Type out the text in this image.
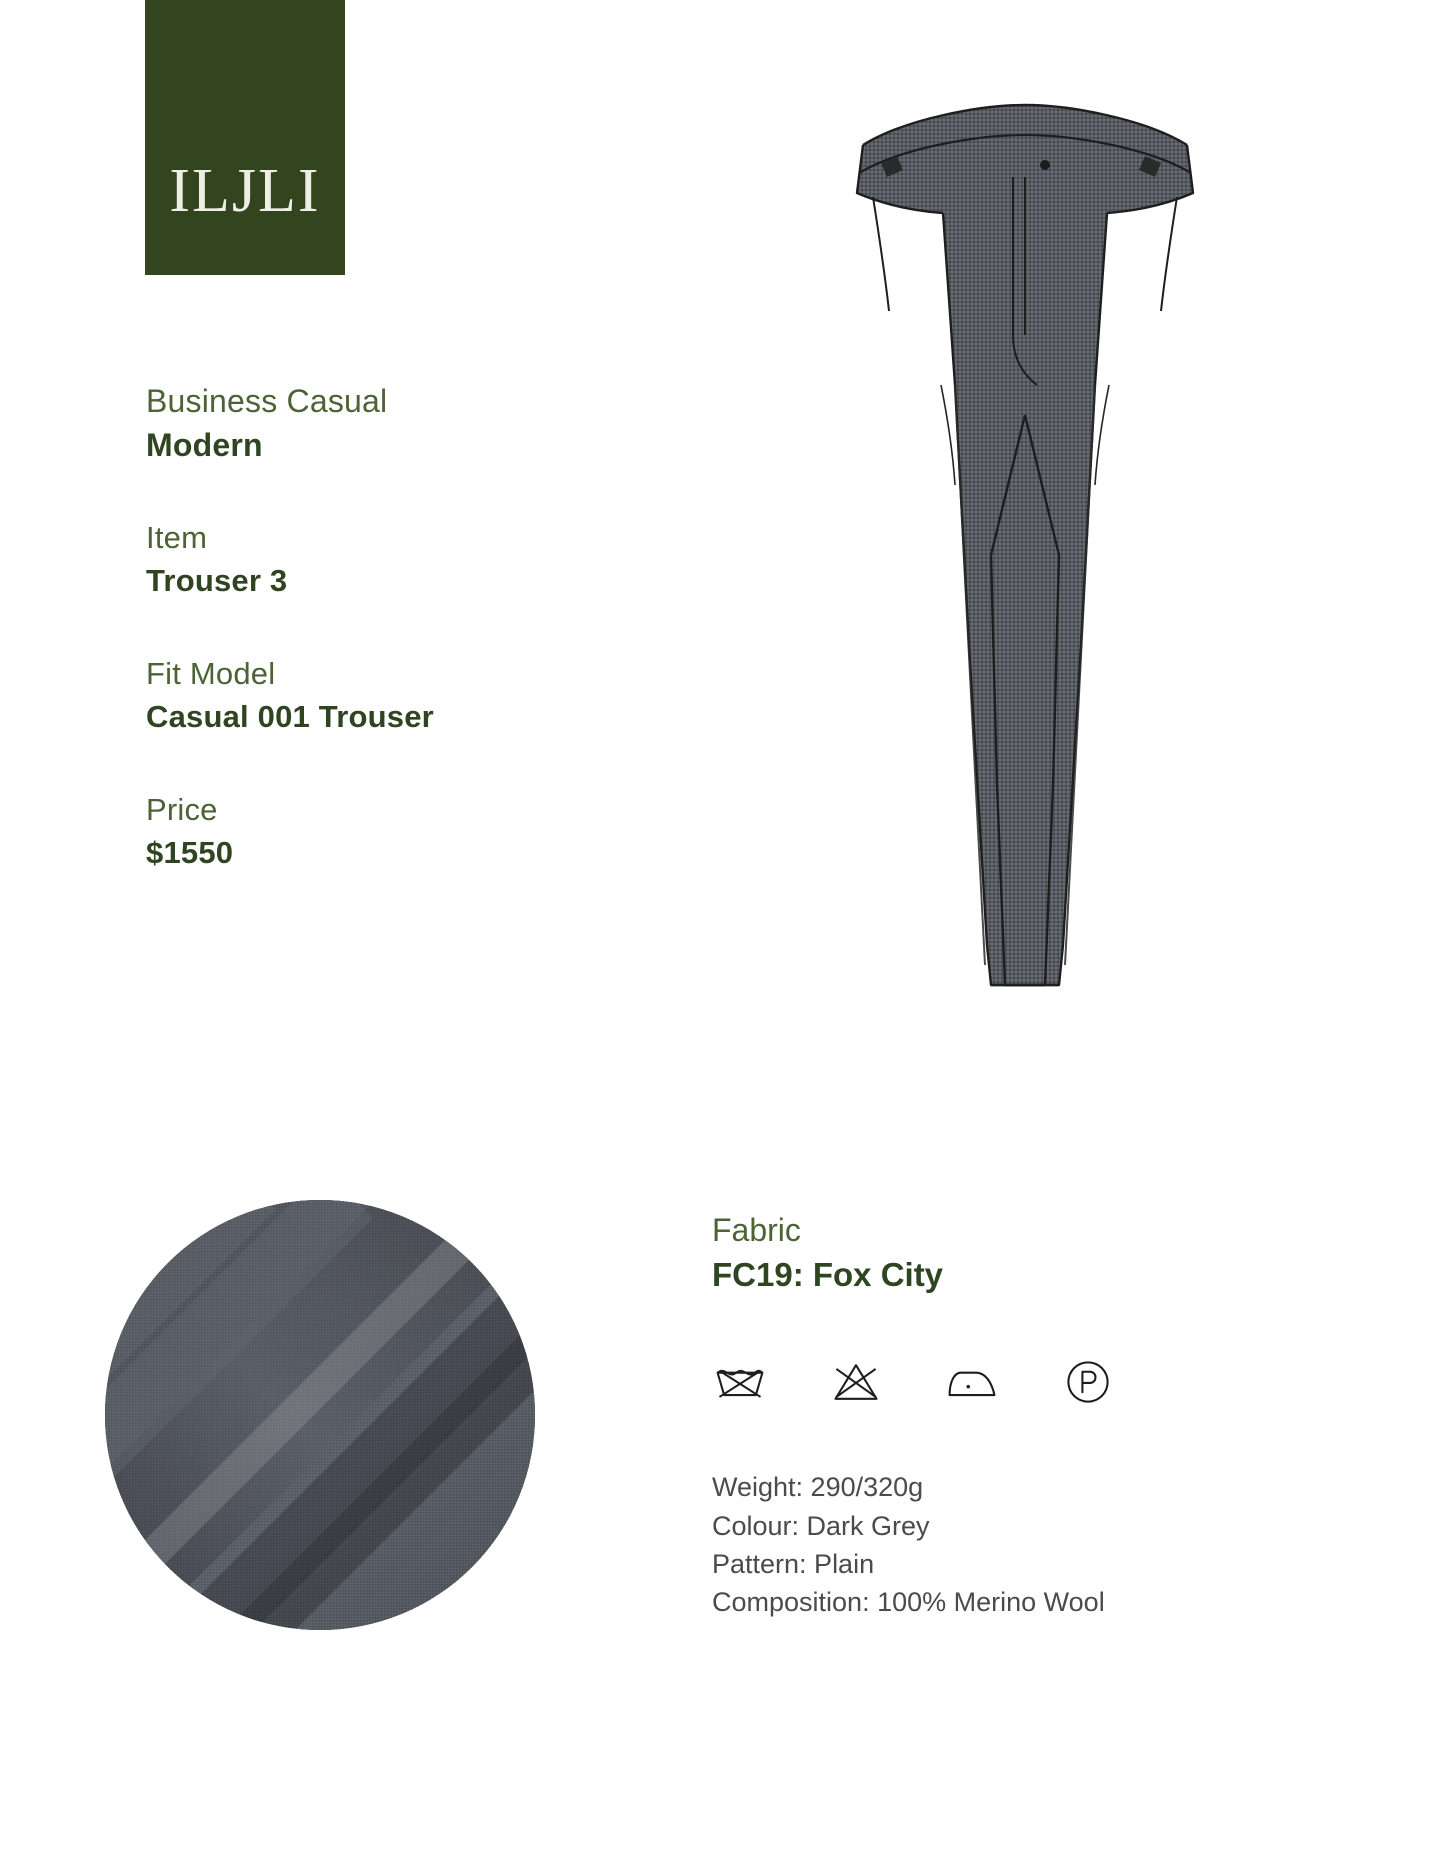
ILJLI
Business Casual
Modern
Item
Trouser 3
Fit Model
Casual 001 Trouser
Price
$1550
Fabric
FC19: Fox City
Weight: 290/320g
Colour: Dark Grey
Pattern: Plain
Composition: 100% Merino Wool
